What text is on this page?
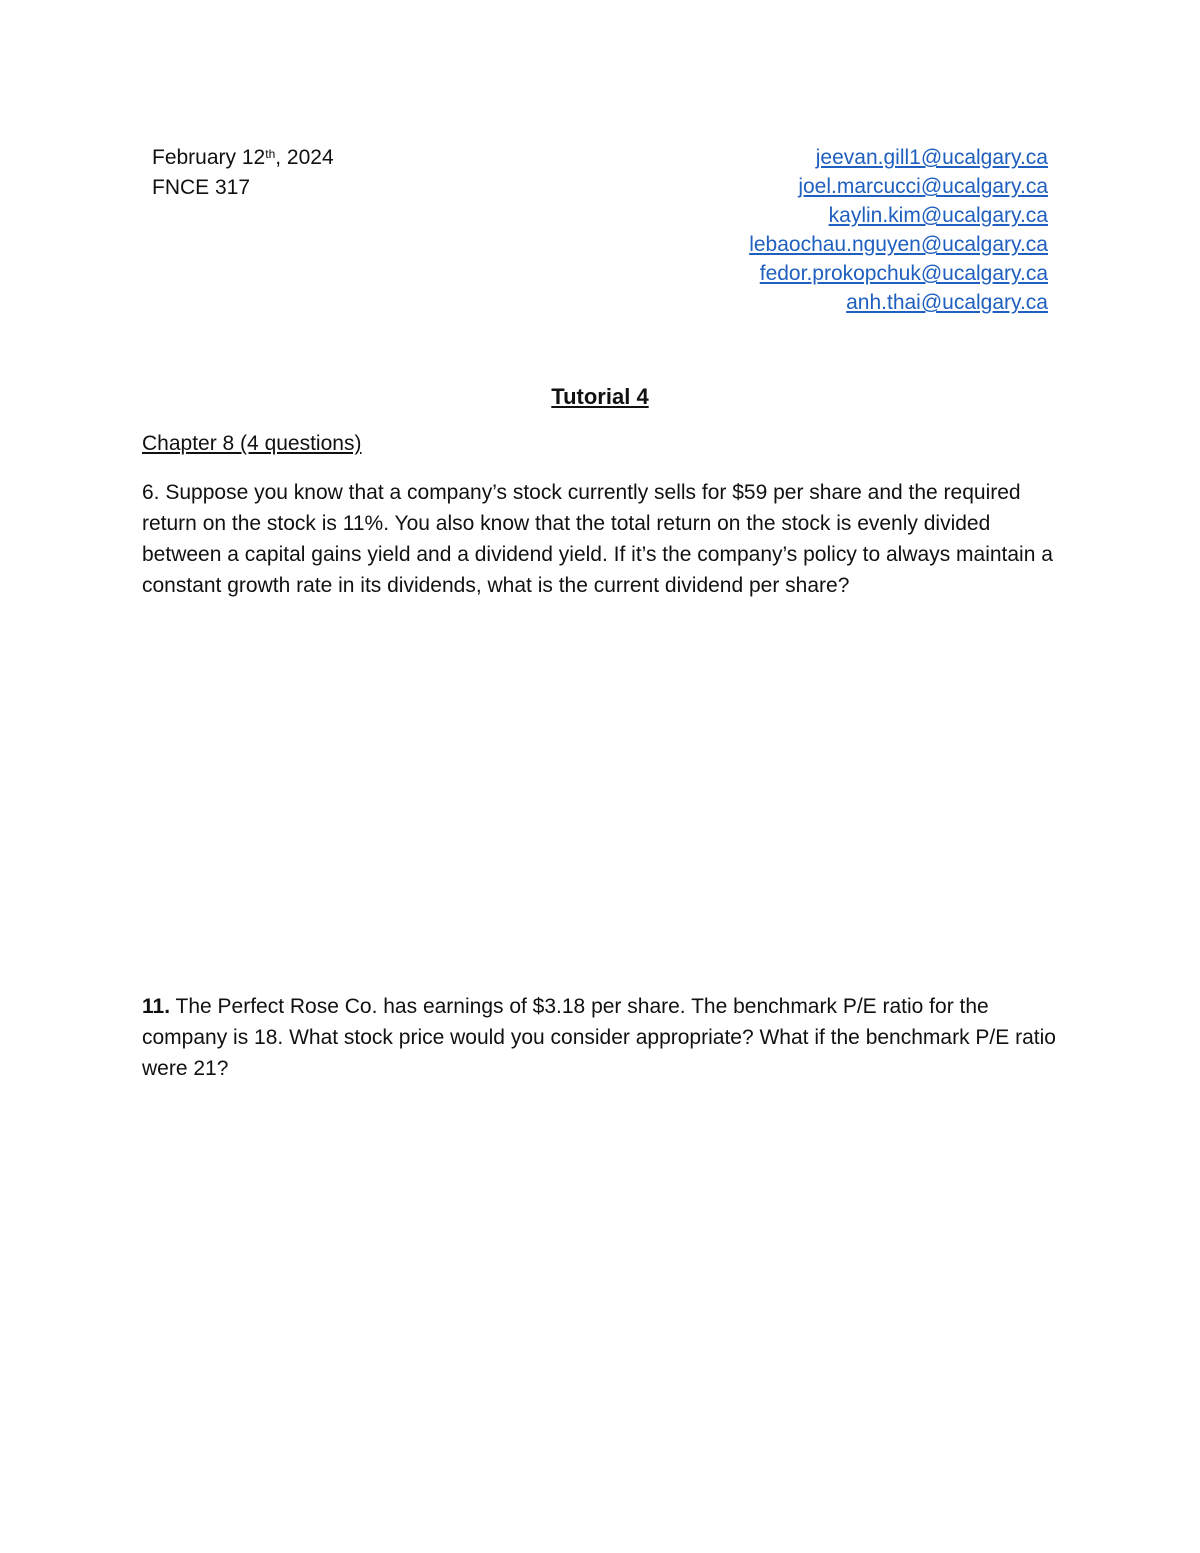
February 12th, 2024
FNCE 317
jeevan.gill1@ucalgary.ca
joel.marcucci@ucalgary.ca
kaylin.kim@ucalgary.ca
lebaochau.nguyen@ucalgary.ca
fedor.prokopchuk@ucalgary.ca
anh.thai@ucalgary.ca
Tutorial 4
Chapter 8 (4 questions)
6. Suppose you know that a company’s stock currently sells for $59 per share and the required return on the stock is 11%. You also know that the total return on the stock is evenly divided between a capital gains yield and a dividend yield. If it’s the company’s policy to always maintain a constant growth rate in its dividends, what is the current dividend per share?
11. The Perfect Rose Co. has earnings of $3.18 per share. The benchmark P/E ratio for the company is 18. What stock price would you consider appropriate? What if the benchmark P/E ratio were 21?
